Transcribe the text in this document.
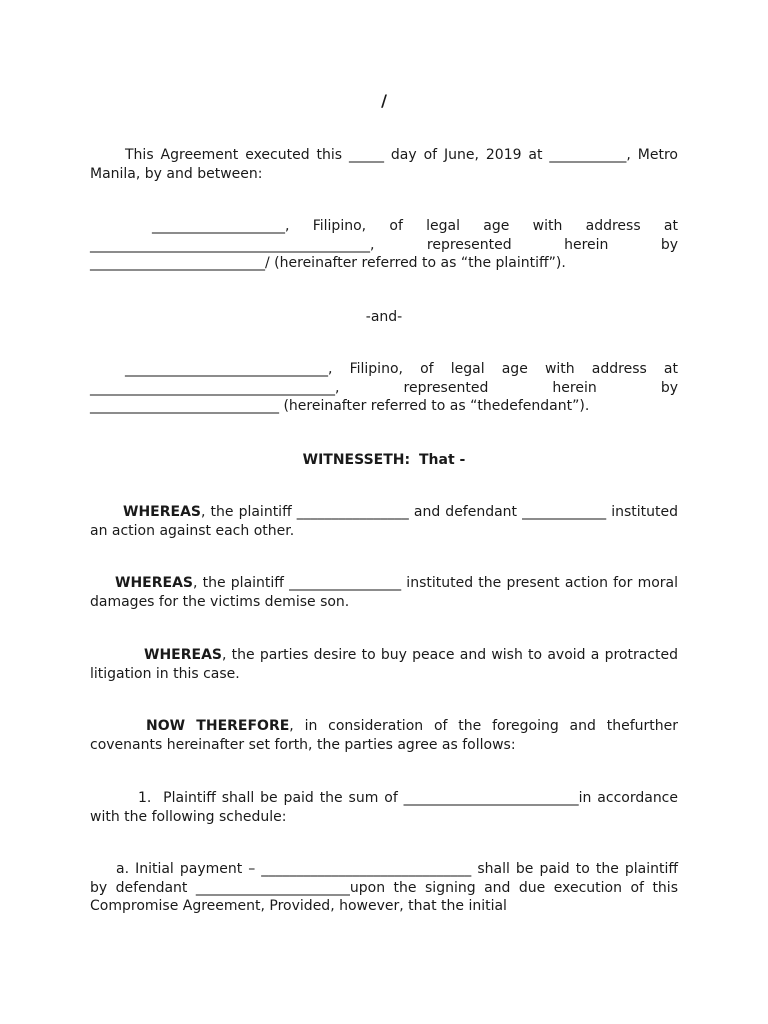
/

This Agreement executed this _____ day of June, 2019 at ___________, Metro Manila, by and between:

___________________, Filipino, of legal age with address at ________________________________________, represented herein by _________________________/ (hereinafter referred to as “the plaintiff”).

-and-

_____________________________, Filipino, of legal age with address at ___________________________________, represented herein by ___________________________ (hereinafter referred to as “thedefendant”).

WITNESSETH: That -

WHEREAS, the plaintiff ________________ and defendant ____________ instituted an action against each other.

WHEREAS, the plaintiff ________________ instituted the present action for moral damages for the victims demise son.

WHEREAS, the parties desire to buy peace and wish to avoid a protracted litigation in this case.

NOW THEREFORE, in consideration of the foregoing and thefurther covenants hereinafter set forth, the parties agree as follows:

1. Plaintiff shall be paid the sum of _________________________in accordance with the following schedule:

a. Initial payment – ______________________________ shall be paid to the plaintiff by defendant ______________________upon the signing and due execution of this Compromise Agreement, Provided, however, that the initial
